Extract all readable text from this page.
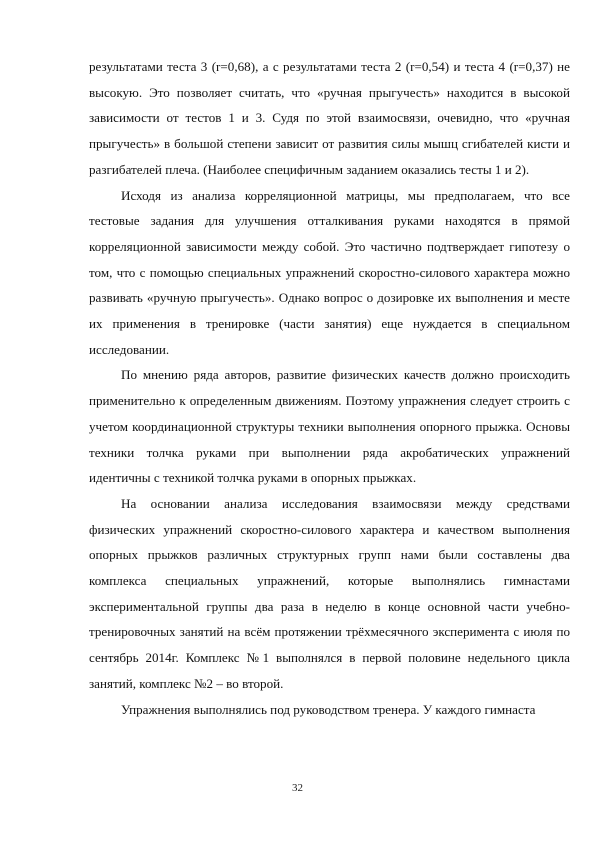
результатами теста 3 (r=0,68), а с результатами теста 2 (r=0,54) и теста 4 (r=0,37) не высокую. Это позволяет считать, что «ручная прыгучесть» находится в высокой зависимости от тестов 1 и 3. Судя по этой взаимосвязи, очевидно, что «ручная прыгучесть» в большой степени зависит от развития силы мышц сгибателей кисти и разгибателей плеча. (Наиболее специфичным заданием оказались тесты 1 и 2).

Исходя из анализа корреляционной матрицы, мы предполагаем, что все тестовые задания для улучшения отталкивания руками находятся в прямой корреляционной зависимости между собой. Это частично подтверждает гипотезу о том, что с помощью специальных упражнений скоростно-силового характера можно развивать «ручную прыгучесть». Однако вопрос о дозировке их выполнения и месте их применения в тренировке (части занятия) еще нуждается в специальном исследовании.

По мнению ряда авторов, развитие физических качеств должно происходить применительно к определенным движениям. Поэтому упражнения следует строить с учетом координационной структуры техники выполнения опорного прыжка. Основы техники толчка руками при выполнении ряда акробатических упражнений идентичны с техникой толчка руками в опорных прыжках.

На основании анализа исследования взаимосвязи между средствами физических упражнений скоростно-силового характера и качеством выполнения опорных прыжков различных структурных групп нами были составлены два комплекса специальных упражнений, которые выполнялись гимнастами экспериментальной группы два раза в неделю в конце основной части учебно-тренировочных занятий на всём протяжении трёхмесячного эксперимента с июля по сентябрь 2014г. Комплекс №1 выполнялся в первой половине недельного цикла занятий, комплекс №2 – во второй.

Упражнения выполнялись под руководством тренера. У каждого гимнаста

32
